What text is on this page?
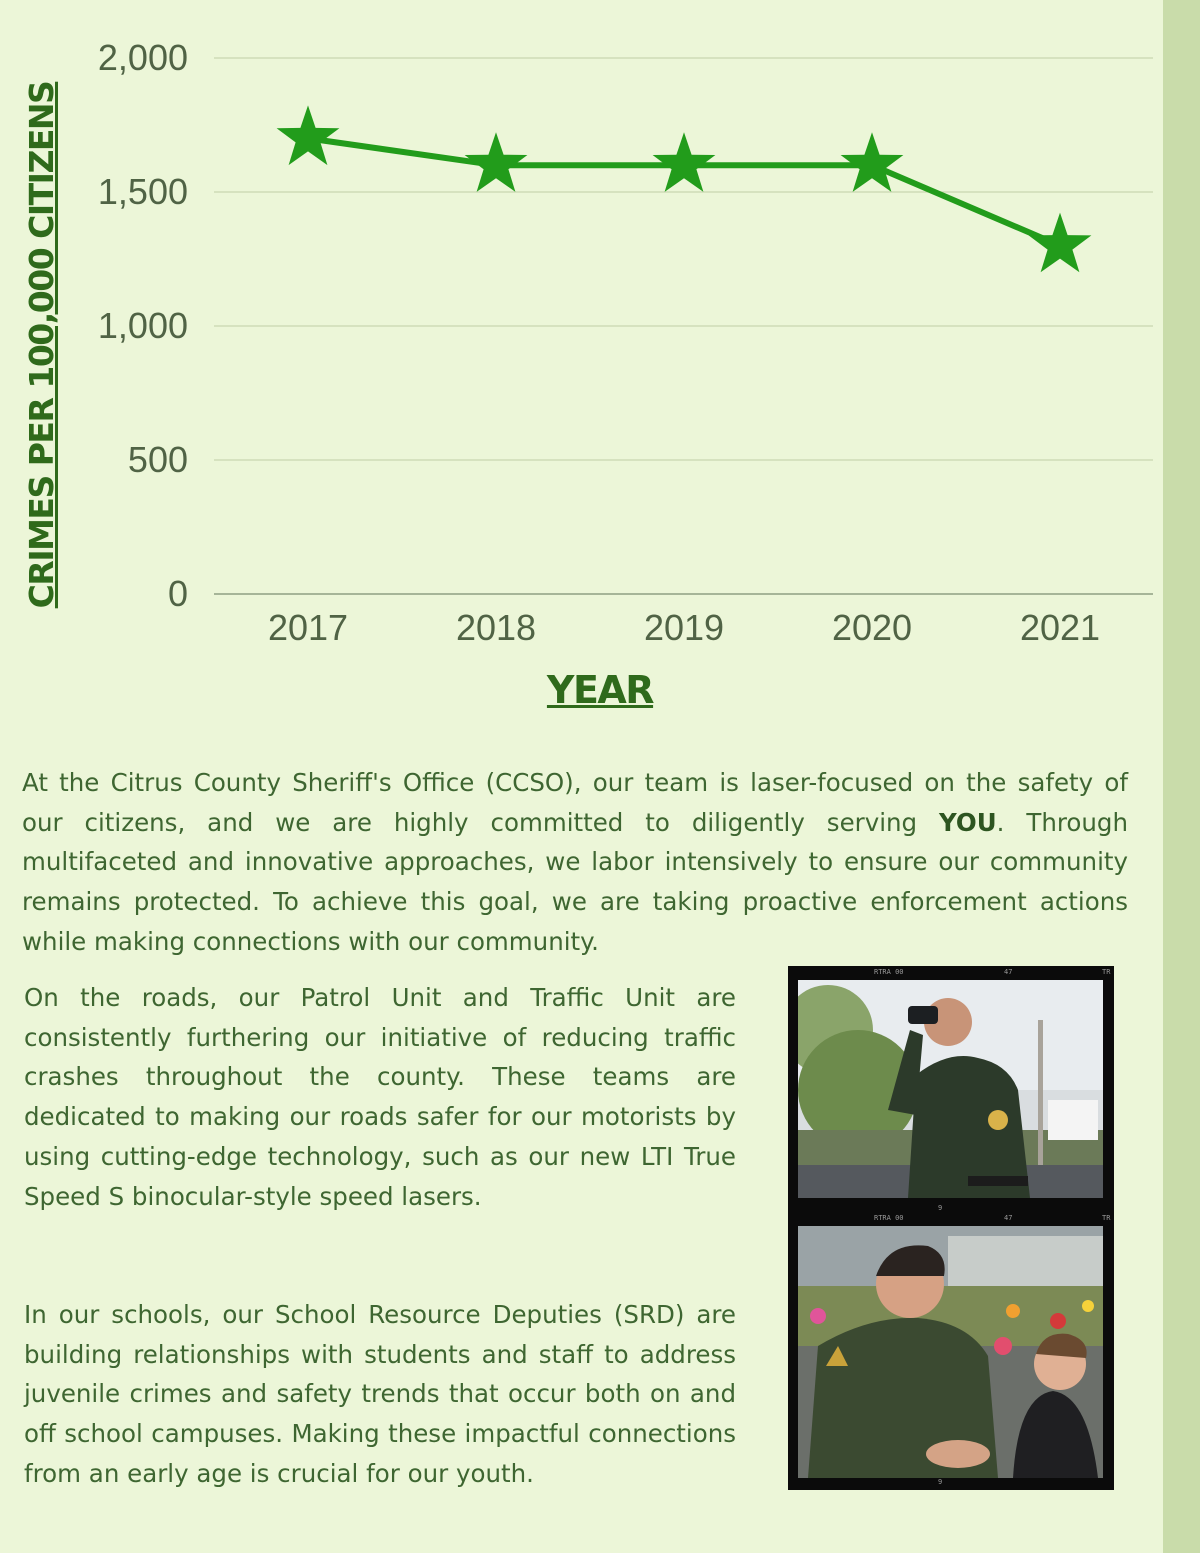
2,000
1,500
1,000
500
0
2017	2018	2019	2020	2021
CRIMES PER 100,000 CITIZENS
YEAR

At the Citrus County Sheriff's Office (CCSO), our team is laser-focused on the safety of our citizens, and we are highly committed to diligently serving YOU. Through multifaceted and innovative approaches, we labor intensively to ensure our community remains protected. To achieve this goal, we are taking proactive enforcement actions while making connections with our community.

On the roads, our Patrol Unit and Traffic Unit are consistently furthering our initiative of reducing traffic crashes throughout the county. These teams are dedicated to making our roads safer for our motorists by using cutting-edge technology, such as our new LTI True Speed S binocular-style speed lasers.

In our schools, our School Resource Deputies (SRD) are building relationships with students and staff to address juvenile crimes and safety trends that occur both on and off school campuses. Making these impactful connections from an early age is crucial for our youth.

RTRA 00	47	TR
9
RTRA 00	47	TR
9
